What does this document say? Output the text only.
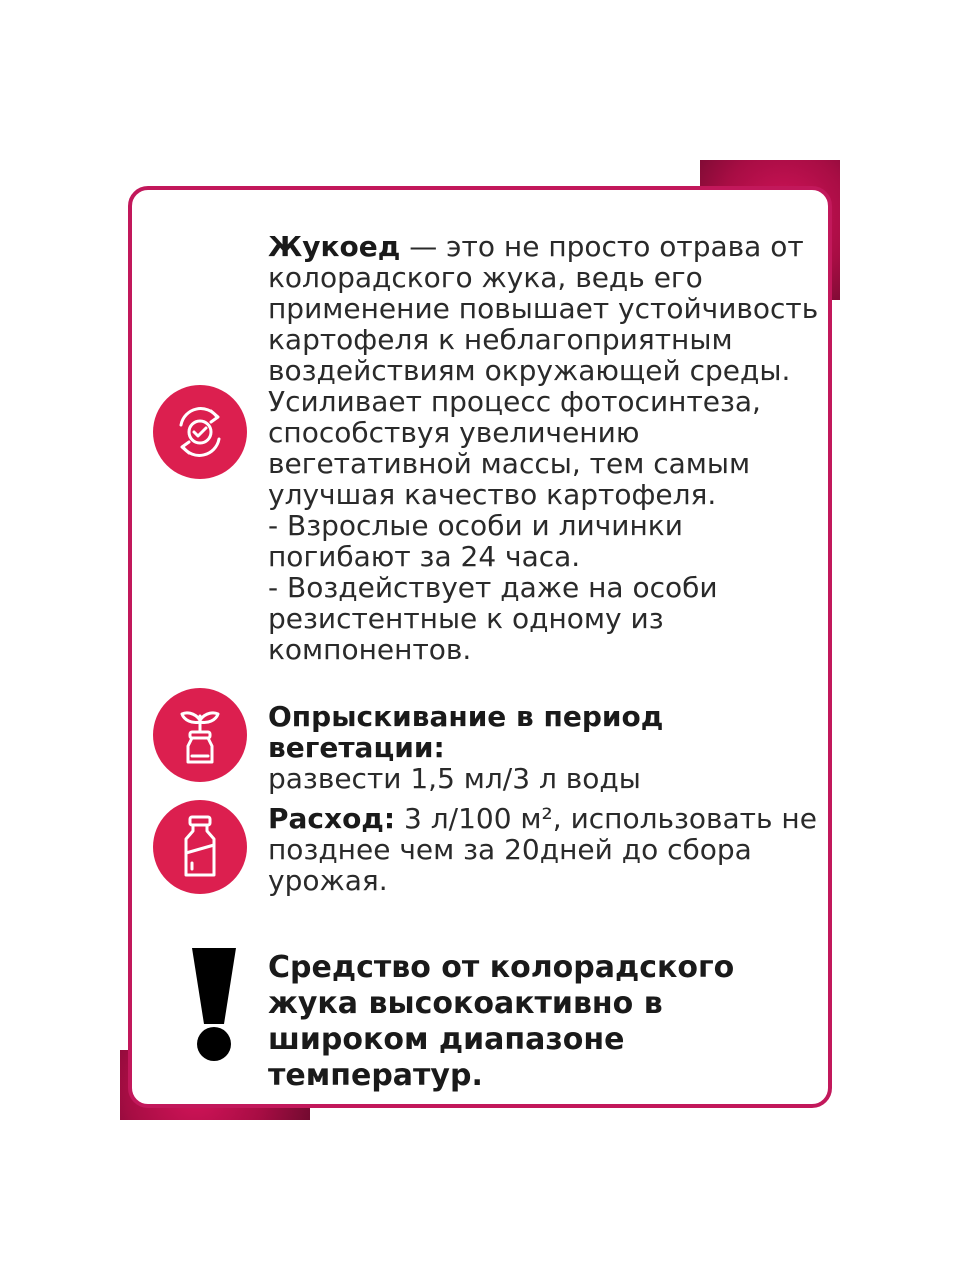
Жукоед — это не просто отрава от колорадского жука, ведь его применение повышает устойчивость картофеля к неблагоприятным воздействиям окружающей среды. Усиливает процесс фотосинтеза, способствуя увеличению вегетативной массы, тем самым улучшая качество картофеля.
- Взрослые особи и личинки погибают за 24 часа.
- Воздействует даже на особи резистентные к одному из компонентов.
Опрыскивание в период вегетации:
развести 1,5 мл/3 л воды
Расход: 3 л/100 м², использовать не позднее чем за 20дней до сбора урожая.
Средство от колорадского жука высокоактивно в широком диапазоне температур.
